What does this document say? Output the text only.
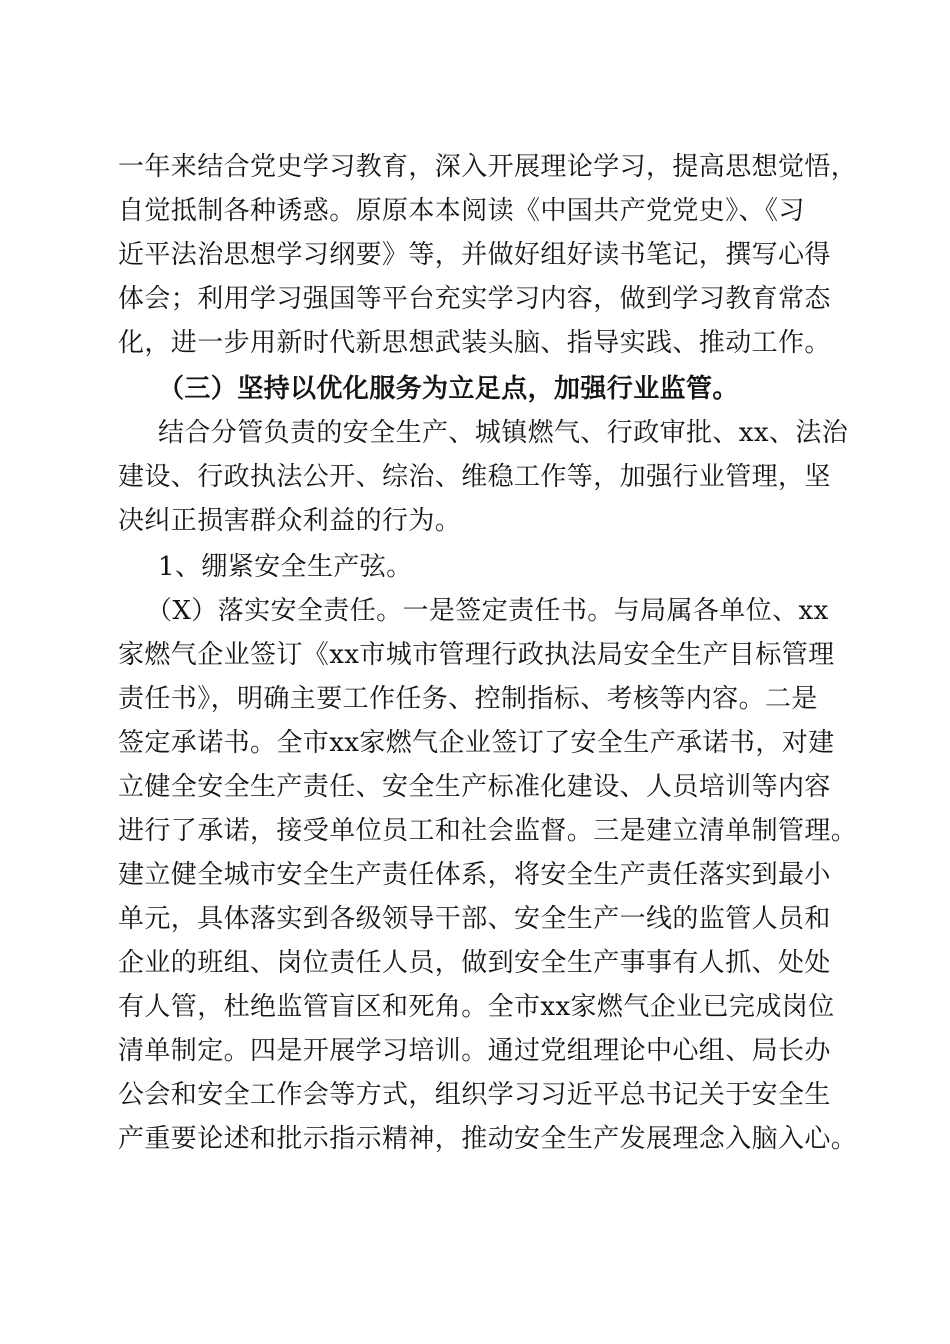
一年来结合党史学习教育，深入开展理论学习，提高思想觉悟，
自觉抵制各种诱惑。原原本本阅读《中国共产党党史》、《习
近平法治思想学习纲要》等，并做好组好读书笔记，撰写心得
体会；利用学习强国等平台充实学习内容，做到学习教育常态
化，进一步用新时代新思想武装头脑、指导实践、推动工作。
（三）坚持以优化服务为立足点，加强行业监管。
结合分管负责的安全生产、城镇燃气、行政审批、xx、法治
建设、行政执法公开、综治、维稳工作等，加强行业管理，坚
决纠正损害群众利益的行为。
1、绷紧安全生产弦。
（X）落实安全责任。一是签定责任书。与局属各单位、xx
家燃气企业签订《xx市城市管理行政执法局安全生产目标管理
责任书》，明确主要工作任务、控制指标、考核等内容。二是
签定承诺书。全市xx家燃气企业签订了安全生产承诺书，对建
立健全安全生产责任、安全生产标准化建设、人员培训等内容
进行了承诺，接受单位员工和社会监督。三是建立清单制管理。
建立健全城市安全生产责任体系，将安全生产责任落实到最小
单元，具体落实到各级领导干部、安全生产一线的监管人员和
企业的班组、岗位责任人员，做到安全生产事事有人抓、处处
有人管，杜绝监管盲区和死角。全市xx家燃气企业已完成岗位
清单制定。四是开展学习培训。通过党组理论中心组、局长办
公会和安全工作会等方式，组织学习习近平总书记关于安全生
产重要论述和批示指示精神，推动安全生产发展理念入脑入心。
